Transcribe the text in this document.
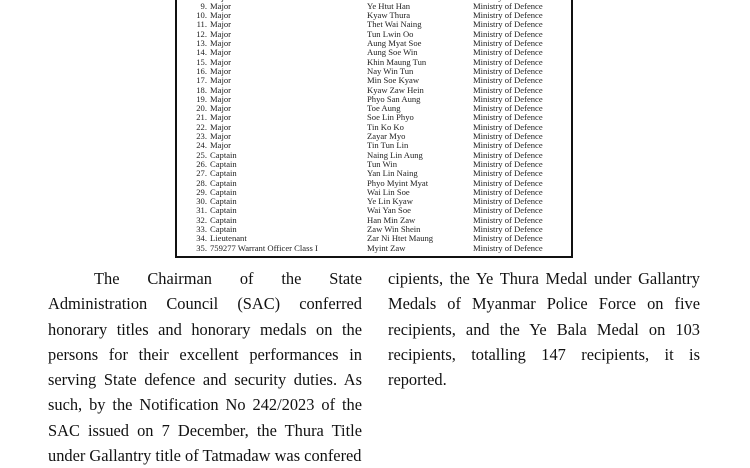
9. Major	Ye Htut Han	Ministry of Defence
10. Major	Kyaw Thura	Ministry of Defence
11. Major	Thet Wai Naing	Ministry of Defence
12. Major	Tun Lwin Oo	Ministry of Defence
13. Major	Aung Myat Soe	Ministry of Defence
14. Major	Aung Soe Win	Ministry of Defence
15. Major	Khin Maung Tun	Ministry of Defence
16. Major	Nay Win Tun	Ministry of Defence
17. Major	Min Soe Kyaw	Ministry of Defence
18. Major	Kyaw Zaw Hein	Ministry of Defence
19. Major	Phyo San Aung	Ministry of Defence
20. Major	Toe Aung	Ministry of Defence
21. Major	Soe Lin Phyo	Ministry of Defence
22. Major	Tin Ko Ko	Ministry of Defence
23. Major	Zayar Myo	Ministry of Defence
24. Major	Tin Tun Lin	Ministry of Defence
25. Captain	Naing Lin Aung	Ministry of Defence
26. Captain	Tun Win	Ministry of Defence
27. Captain	Yan Lin Naing	Ministry of Defence
28. Captain	Phyo Myint Myat	Ministry of Defence
29. Captain	Wai Lin Soe	Ministry of Defence
30. Captain	Ye Lin Kyaw	Ministry of Defence
31. Captain	Wai Yan Soe	Ministry of Defence
32. Captain	Han Min Zaw	Ministry of Defence
33. Captain	Zaw Win Shein	Ministry of Defence
34. Lieutenant	Zar Ni Htet Maung	Ministry of Defence
35. 759277 Warrant Officer Class I	Myint Zaw	Ministry of Defence
The Chairman of the State Administration Council (SAC) conferred honorary titles and honorary medals on the persons for their excellent performances in serving State defence and security duties. As such, by the Notification No 242/2023 of the SAC issued on 7 December, the Thura Title under Gallantry title of Tatmadaw was confered
cipients, the Ye Thura Medal under Gallantry Medals of Myanmar Police Force on five recipients, and the Ye Bala Medal on 103 recipients, totalling 147 recipients, it is reported.
